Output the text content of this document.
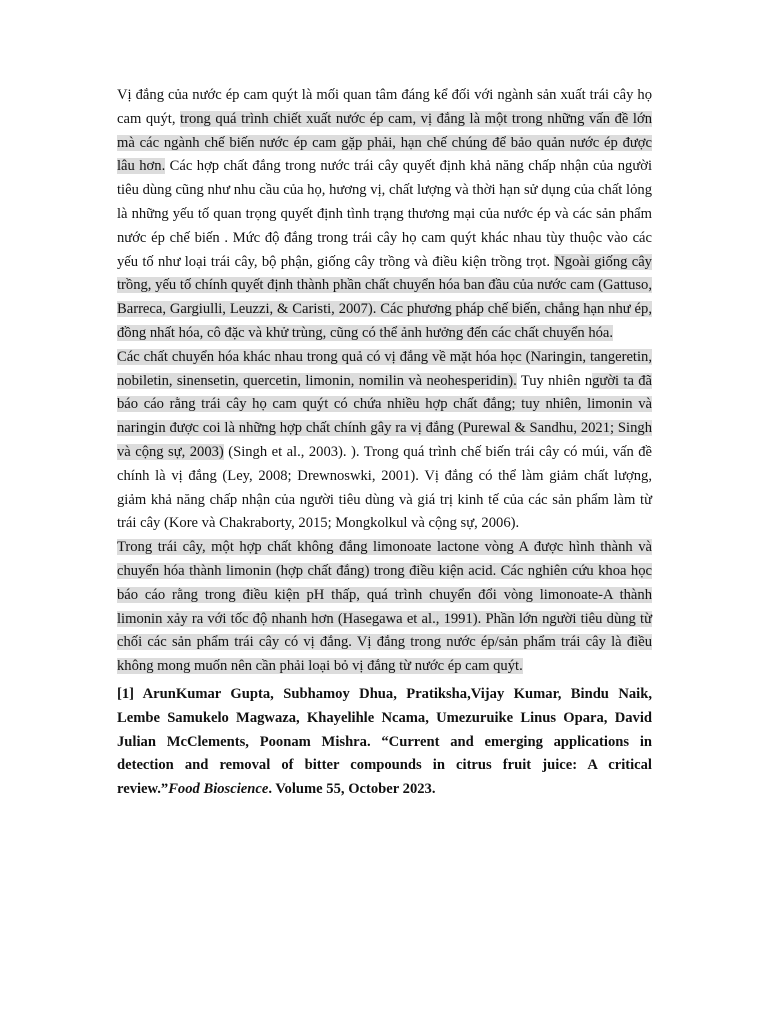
Vị đắng của nước ép cam quýt là mối quan tâm đáng kể đối với ngành sản xuất trái cây họ cam quýt, trong quá trình chiết xuất nước ép cam, vị đắng là một trong những vấn đề lớn mà các ngành chế biến nước ép cam gặp phải, hạn chế chúng để bảo quản nước ép được lâu hơn. Các hợp chất đắng trong nước trái cây quyết định khả năng chấp nhận của người tiêu dùng cũng như nhu cầu của họ, hương vị, chất lượng và thời hạn sử dụng của chất lỏng là những yếu tố quan trọng quyết định tình trạng thương mại của nước ép và các sản phẩm nước ép chế biến . Mức độ đắng trong trái cây họ cam quýt khác nhau tùy thuộc vào các yếu tố như loại trái cây, bộ phận, giống cây trồng và điều kiện trồng trọt. Ngoài giống cây trồng, yếu tố chính quyết định thành phần chất chuyển hóa ban đầu của nước cam (Gattuso, Barreca, Gargiulli, Leuzzi, & Caristi, 2007). Các phương pháp chế biến, chẳng hạn như ép, đồng nhất hóa, cô đặc và khử trùng, cũng có thể ảnh hưởng đến các chất chuyển hóa.

Các chất chuyển hóa khác nhau trong quả có vị đắng về mặt hóa học (Naringin, tangeretin, nobiletin, sinensetin, quercetin, limonin, nomilin và neohesperidin). Tuy nhiên người ta đã báo cáo rằng trái cây họ cam quýt có chứa nhiều hợp chất đắng; tuy nhiên, limonin và naringin được coi là những hợp chất chính gây ra vị đắng (Purewal & Sandhu, 2021; Singh và cộng sự, 2003) (Singh et al., 2003). ). Trong quá trình chế biến trái cây có múi, vấn đề chính là vị đắng (Ley, 2008; Drewnoswki, 2001). Vị đắng có thể làm giảm chất lượng, giảm khả năng chấp nhận của người tiêu dùng và giá trị kinh tế của các sản phẩm làm từ trái cây (Kore và Chakraborty, 2015; Mongkolkul và cộng sự, 2006).

Trong trái cây, một hợp chất không đắng limonoate lactone vòng A được hình thành và chuyển hóa thành limonin (hợp chất đắng) trong điều kiện acid. Các nghiên cứu khoa học báo cáo rằng trong điều kiện pH thấp, quá trình chuyển đổi vòng limonoate-A thành limonin xảy ra với tốc độ nhanh hơn (Hasegawa et al., 1991). Phần lớn người tiêu dùng từ chối các sản phẩm trái cây có vị đắng. Vị đắng trong nước ép/sản phẩm trái cây là điều không mong muốn nên cần phải loại bỏ vị đắng từ nước ép cam quýt.

[1] ArunKumar Gupta, Subhamoy Dhua, Pratiksha,Vijay Kumar, Bindu Naik, Lembe Samukelo Magwaza, Khayelihle Ncama, Umezuruike Linus Opara, David Julian McClements, Poonam Mishra. “Current and emerging applications in detection and removal of bitter compounds in citrus fruit juice: A critical review.”Food Bioscience. Volume 55, October 2023.
